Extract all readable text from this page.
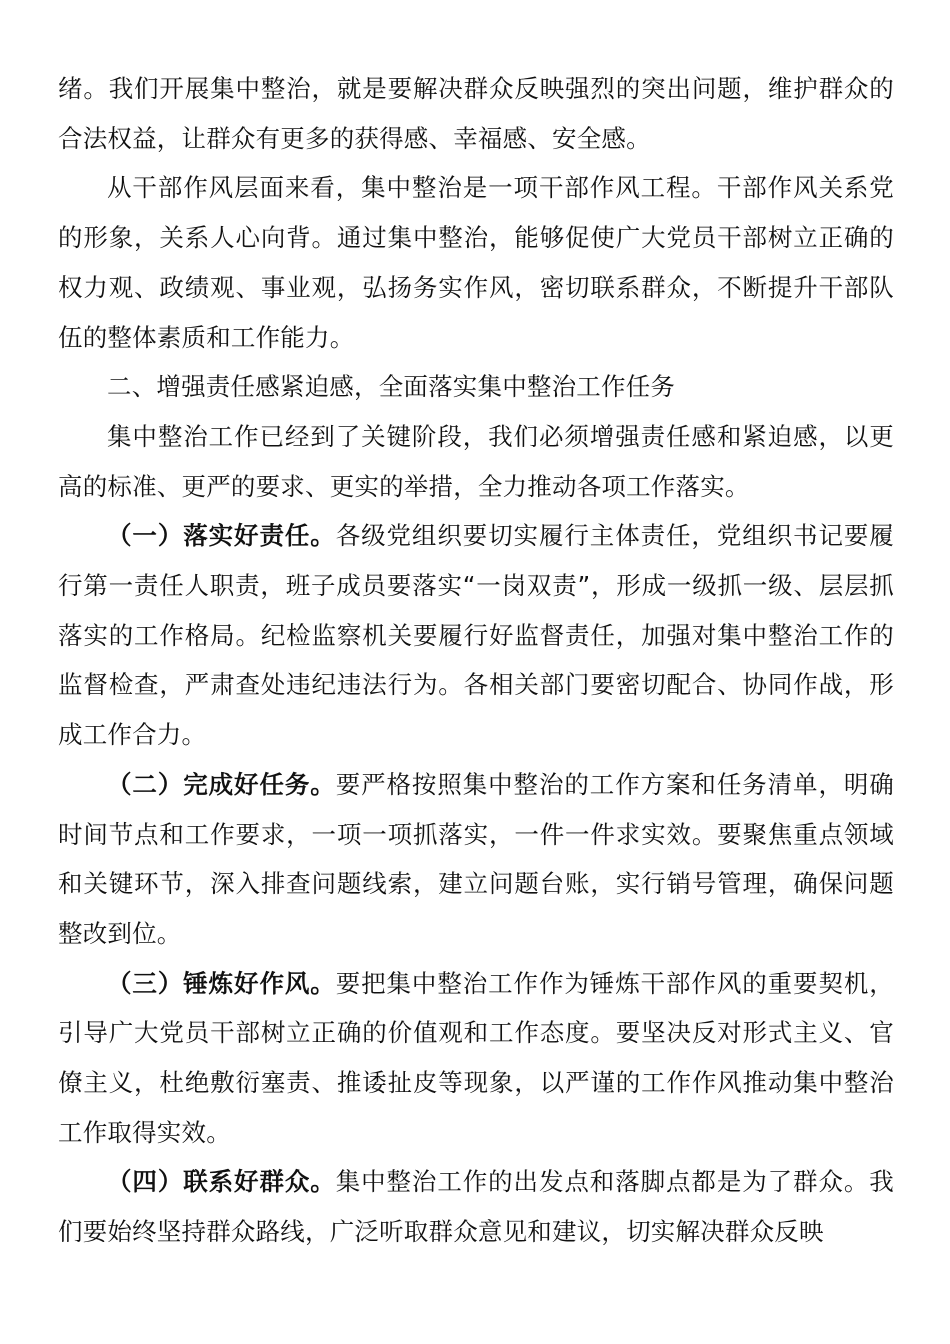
绪。我们开展集中整治，就是要解决群众反映强烈的突出问题，维护群众的合法权益，让群众有更多的获得感、幸福感、安全感。

从干部作风层面来看，集中整治是一项干部作风工程。干部作风关系党的形象，关系人心向背。通过集中整治，能够促使广大党员干部树立正确的权力观、政绩观、事业观，弘扬务实作风，密切联系群众，不断提升干部队伍的整体素质和工作能力。

二、增强责任感紧迫感，全面落实集中整治工作任务

集中整治工作已经到了关键阶段，我们必须增强责任感和紧迫感，以更高的标准、更严的要求、更实的举措，全力推动各项工作落实。

（一）落实好责任。各级党组织要切实履行主体责任，党组织书记要履行第一责任人职责，班子成员要落实“一岗双责”，形成一级抓一级、层层抓落实的工作格局。纪检监察机关要履行好监督责任，加强对集中整治工作的监督检查，严肃查处违纪违法行为。各相关部门要密切配合、协同作战，形成工作合力。

（二）完成好任务。要严格按照集中整治的工作方案和任务清单，明确时间节点和工作要求，一项一项抓落实，一件一件求实效。要聚焦重点领域和关键环节，深入排查问题线索，建立问题台账，实行销号管理，确保问题整改到位。

（三）锤炼好作风。要把集中整治工作作为锤炼干部作风的重要契机，引导广大党员干部树立正确的价值观和工作态度。要坚决反对形式主义、官僚主义，杜绝敷衍塞责、推诿扯皮等现象，以严谨的工作作风推动集中整治工作取得实效。

（四）联系好群众。集中整治工作的出发点和落脚点都是为了群众。我们要始终坚持群众路线，广泛听取群众意见和建议，切实解决群众反映
